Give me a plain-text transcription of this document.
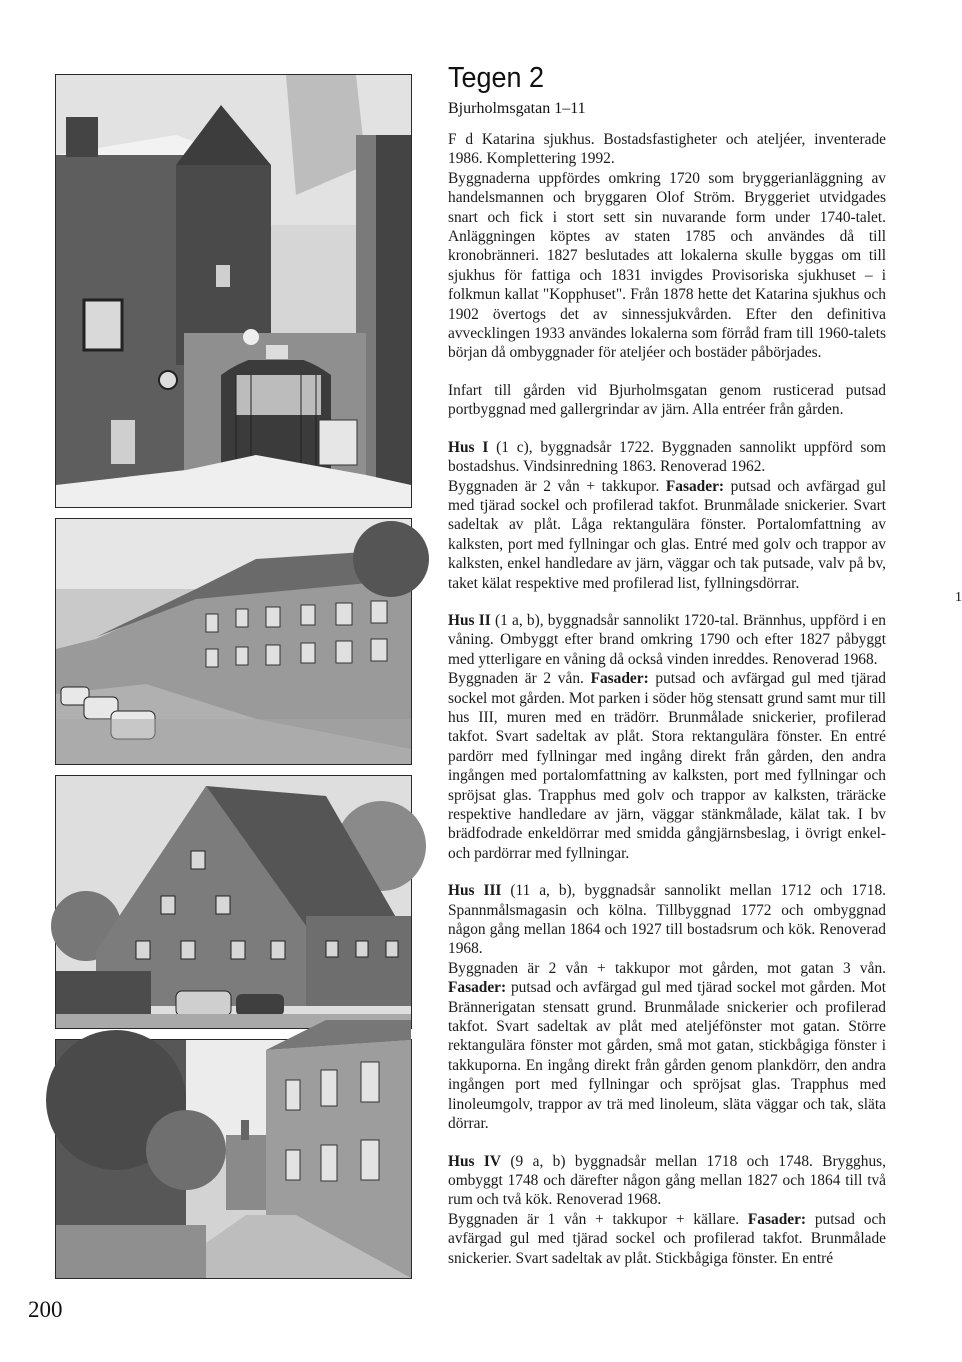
Tegen 2

Bjurholmsgatan 1–11

F d Katarina sjukhus. Bostadsfastigheter och ateljéer, inventerade 1986. Komplettering 1992.

Byggnaderna uppfördes omkring 1720 som bryggerianläggning av handelsmannen och bryggaren Olof Ström. Bryggeriet utvidgades snart och fick i stort sett sin nuvarande form under 1740-talet. Anläggningen köptes av staten 1785 och användes då till kronobränneri. 1827 beslutades att lokalerna skulle byggas om till sjukhus för fattiga och 1831 invigdes Provisoriska sjukhuset – i folkmun kallat "Kopphuset". Från 1878 hette det Katarina sjukhus och 1902 övertogs det av sinnessjukvården. Efter den definitiva avvecklingen 1933 användes lokalerna som förråd fram till 1960-talets början då ombyggnader för ateljéer och bostäder påbörjades.

Infart till gården vid Bjurholmsgatan genom rusticerad putsad portbyggnad med gallergrindar av järn. Alla entréer från gården.

Hus I (1 c), byggnadsår 1722. Byggnaden sannolikt uppförd som bostadshus. Vindsinredning 1863. Renoverad 1962.

Byggnaden är 2 vån + takkupor. Fasader: putsad och avfärgad gul med tjärad sockel och profilerad takfot. Brunmålade snickerier. Svart sadeltak av plåt. Låga rektangulära fönster. Portalomfattning av kalksten, port med fyllningar och glas. Entré med golv och trappor av kalksten, enkel handledare av järn, väggar och tak putsade, valv på bv, taket kälat respektive med profilerad list, fyllningsdörrar.

Hus II (1 a, b), byggnadsår sannolikt 1720-tal. Brännhus, uppförd i en våning. Ombyggt efter brand omkring 1790 och efter 1827 påbyggt med ytterligare en våning då också vinden inreddes. Renoverad 1968.

Byggnaden är 2 vån. Fasader: putsad och avfärgad gul med tjärad sockel mot gården. Mot parken i söder hög stensatt grund samt mur till hus III, muren med en trädörr. Brunmålade snickerier, profilerad takfot. Svart sadeltak av plåt. Stora rektangulära fönster. En entré pardörr med fyllningar med ingång direkt från gården, den andra ingången med portalomfattning av kalksten, port med fyllningar och spröjsat glas. Trapphus med golv och trappor av kalksten, träräcke respektive handledare av järn, väggar stänkmålade, kälat tak. I bv brädfodrade enkeldörrar med smidda gångjärnsbeslag, i övrigt enkel- och pardörrar med fyllningar.

Hus III (11 a, b), byggnadsår sannolikt mellan 1712 och 1718. Spannmålsmagasin och kölna. Tillbyggnad 1772 och ombyggnad någon gång mellan 1864 och 1927 till bostadsrum och kök. Renoverad 1968.

Byggnaden är 2 vån + takkupor mot gården, mot gatan 3 vån. Fasader: putsad och avfärgad gul med tjärad sockel mot gården. Mot Brännerigatan stensatt grund. Brunmålade snickerier och profilerad takfot. Svart sadeltak av plåt med ateljéfönster mot gatan. Större rektangulära fönster mot gården, små mot gatan, stickbågiga fönster i takkuporna. En ingång direkt från gården genom plankdörr, den andra ingången port med fyllningar och spröjsat glas. Trapphus med linoleumgolv, trappor av trä med linoleum, släta väggar och tak, släta dörrar.

Hus IV (9 a, b) byggnadsår mellan 1718 och 1748. Brygghus, ombyggt 1748 och därefter någon gång mellan 1827 och 1864 till två rum och två kök. Renoverad 1968.

Byggnaden är 1 vån + takkupor + källare. Fasader: putsad och avfärgad gul med tjärad sockel och profilerad takfot. Brunmålade snickerier. Svart sadeltak av plåt. Stickbågiga fönster. En entré

200
1
